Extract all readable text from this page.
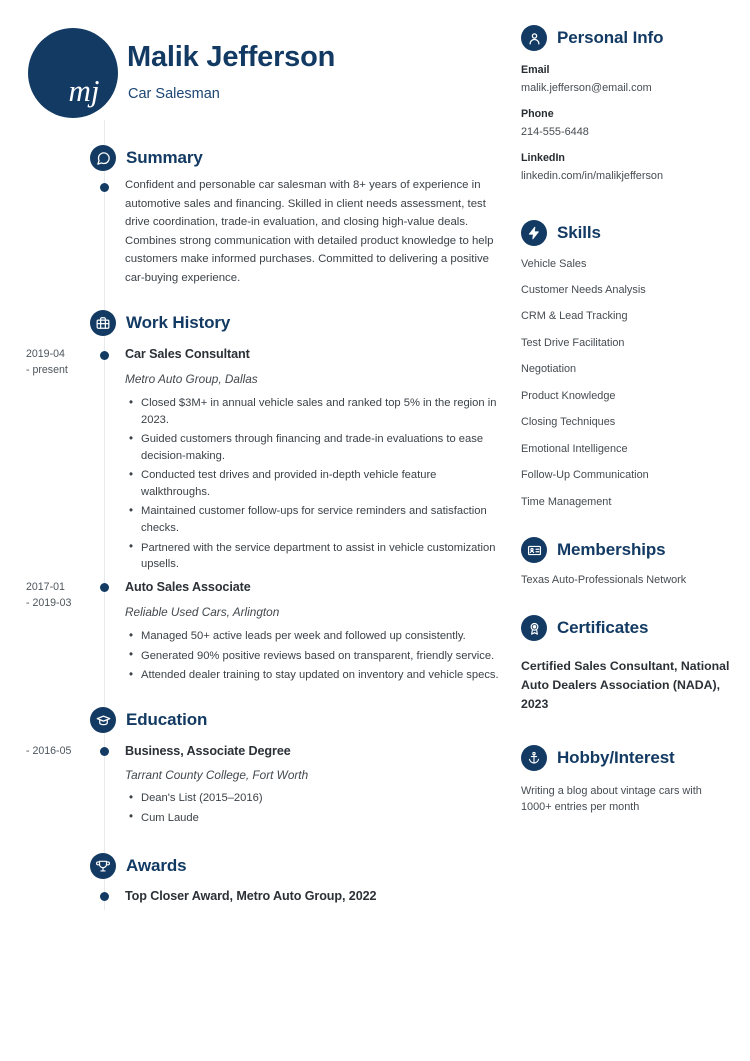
mj
Malik Jefferson
Car Salesman
Summary
Confident and personable car salesman with 8+ years of experience in automotive sales and financing. Skilled in client needs assessment, test drive coordination, trade-in evaluation, and closing high-value deals. Combines strong communication with detailed product knowledge to help customers make informed purchases. Committed to delivering a positive car-buying experience.
Work History
2019-04
- present
Car Sales Consultant
Metro Auto Group, Dallas
• Closed $3M+ in annual vehicle sales and ranked top 5% in the region in 2023.
• Guided customers through financing and trade-in evaluations to ease decision-making.
• Conducted test drives and provided in-depth vehicle feature walkthroughs.
• Maintained customer follow-ups for service reminders and satisfaction checks.
• Partnered with the service department to assist in vehicle customization upsells.
2017-01
- 2019-03
Auto Sales Associate
Reliable Used Cars, Arlington
• Managed 50+ active leads per week and followed up consistently.
• Generated 90% positive reviews based on transparent, friendly service.
• Attended dealer training to stay updated on inventory and vehicle specs.
Education
- 2016-05	Business, Associate Degree
Tarrant County College, Fort Worth
• Dean's List (2015–2016)
• Cum Laude
Awards
Top Closer Award, Metro Auto Group, 2022
Personal Info
Email
malik.jefferson@email.com
Phone
214-555-6448
LinkedIn
linkedin.com/in/malikjefferson
Skills
Vehicle Sales
Customer Needs Analysis
CRM & Lead Tracking
Test Drive Facilitation
Negotiation
Product Knowledge
Closing Techniques
Emotional Intelligence
Follow-Up Communication
Time Management
Memberships
Texas Auto-Professionals Network
Certificates
Certified Sales Consultant, National Auto Dealers Association (NADA), 2023
Hobby/Interest
Writing a blog about vintage cars with 1000+ entries per month
